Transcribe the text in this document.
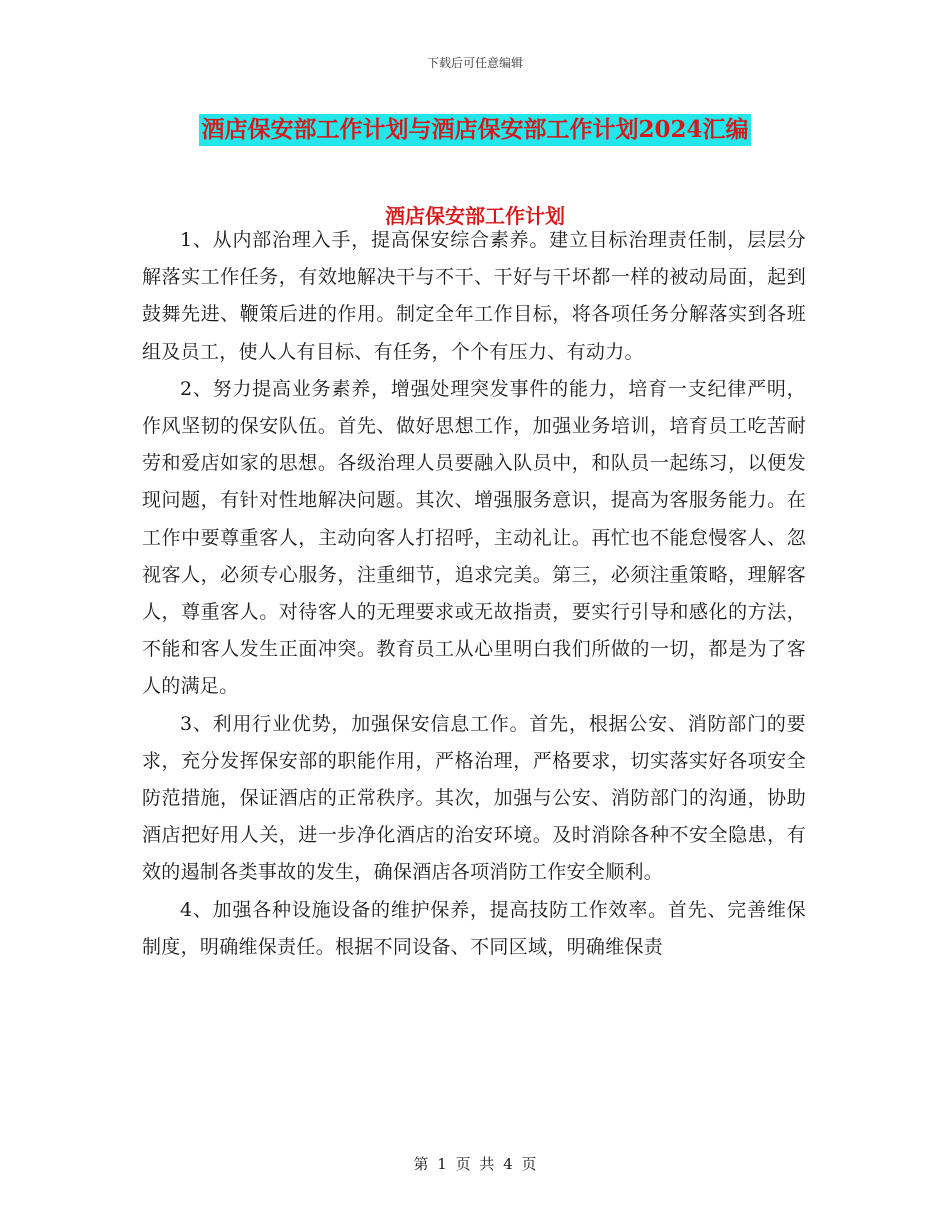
下载后可任意编辑
酒店保安部工作计划与酒店保安部工作计划2024汇编
酒店保安部工作计划

1、从内部治理入手，提高保安综合素养。建立目标治理责任制，层层分解落实工作任务，有效地解决干与不干、干好与干坏都一样的被动局面，起到鼓舞先进、鞭策后进的作用。制定全年工作目标，将各项任务分解落实到各班组及员工，使人人有目标、有任务，个个有压力、有动力。

2、努力提高业务素养，增强处理突发事件的能力，培育一支纪律严明，作风坚韧的保安队伍。首先、做好思想工作，加强业务培训，培育员工吃苦耐劳和爱店如家的思想。各级治理人员要融入队员中，和队员一起练习，以便发现问题，有针对性地解决问题。其次、增强服务意识，提高为客服务能力。在工作中要尊重客人，主动向客人打招呼，主动礼让。再忙也不能怠慢客人、忽视客人，必须专心服务，注重细节，追求完美。第三，必须注重策略，理解客人，尊重客人。对待客人的无理要求或无故指责，要实行引导和感化的方法，不能和客人发生正面冲突。教育员工从心里明白我们所做的一切，都是为了客人的满足。

3、利用行业优势，加强保安信息工作。首先，根据公安、消防部门的要求，充分发挥保安部的职能作用，严格治理，严格要求，切实落实好各项安全防范措施，保证酒店的正常秩序。其次，加强与公安、消防部门的沟通，协助酒店把好用人关，进一步净化酒店的治安环境。及时消除各种不安全隐患，有效的遏制各类事故的发生，确保酒店各项消防工作安全顺利。

4、加强各种设施设备的维护保养，提高技防工作效率。首先、完善维保制度，明确维保责任。根据不同设备、不同区域，明确维保责

第 1 页 共 4 页
